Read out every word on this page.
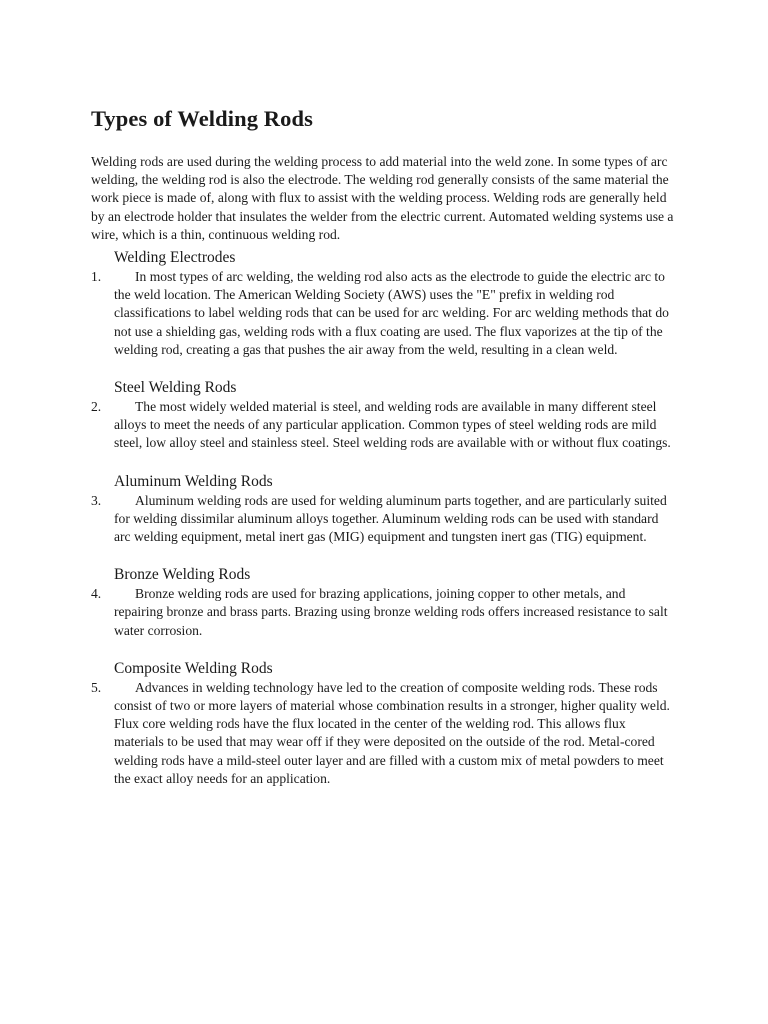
Types of Welding Rods

Welding rods are used during the welding process to add material into the weld zone. In some types of arc welding, the welding rod is also the electrode. The welding rod generally consists of the same material the work piece is made of, along with flux to assist with the welding process. Welding rods are generally held by an electrode holder that insulates the welder from the electric current. Automated welding systems use a wire, which is a thin, continuous welding rod.

Welding Electrodes
1.	In most types of arc welding, the welding rod also acts as the electrode to guide the electric arc to the weld location. The American Welding Society (AWS) uses the "E" prefix in welding rod classifications to label welding rods that can be used for arc welding. For arc welding methods that do not use a shielding gas, welding rods with a flux coating are used. The flux vaporizes at the tip of the welding rod, creating a gas that pushes the air away from the weld, resulting in a clean weld.
Steel Welding Rods
2.	The most widely welded material is steel, and welding rods are available in many different steel alloys to meet the needs of any particular application. Common types of steel welding rods are mild steel, low alloy steel and stainless steel. Steel welding rods are available with or without flux coatings.
Aluminum Welding Rods
3.	Aluminum welding rods are used for welding aluminum parts together, and are particularly suited for welding dissimilar aluminum alloys together. Aluminum welding rods can be used with standard arc welding equipment, metal inert gas (MIG) equipment and tungsten inert gas (TIG) equipment.
Bronze Welding Rods
4.	Bronze welding rods are used for brazing applications, joining copper to other metals, and repairing bronze and brass parts. Brazing using bronze welding rods offers increased resistance to salt water corrosion.
Composite Welding Rods
5.	Advances in welding technology have led to the creation of composite welding rods. These rods consist of two or more layers of material whose combination results in a stronger, higher quality weld. Flux core welding rods have the flux located in the center of the welding rod. This allows flux materials to be used that may wear off if they were deposited on the outside of the rod. Metal-cored welding rods have a mild-steel outer layer and are filled with a custom mix of metal powders to meet the exact alloy needs for an application.
